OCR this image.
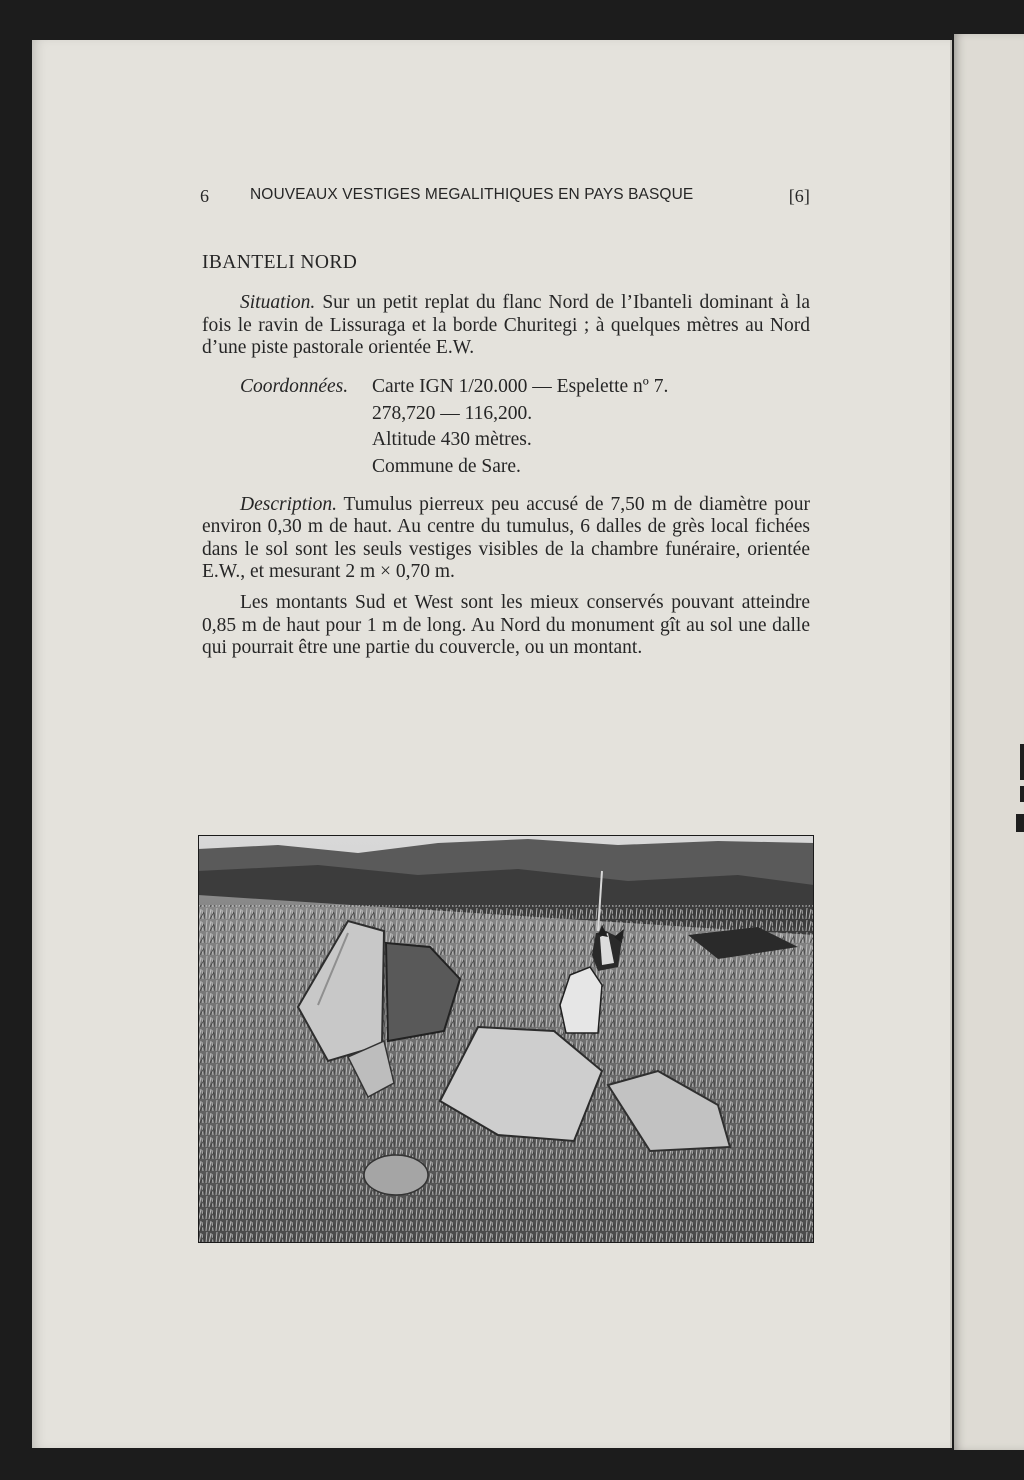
6	NOUVEAUX VESTIGES MEGALITHIQUES EN PAYS BASQUE	[6]
IBANTELI NORD

Situation. Sur un petit replat du flanc Nord de l’Ibanteli dominant à la fois le ravin de Lissuraga et la borde Churitegi ; à quelques mètres au Nord d’une piste pastorale orientée E.W.

Coordonnées.	Carte IGN 1/20.000 — Espelette nº 7.
278,720 — 116,200.
Altitude 430 mètres.
Commune de Sare.

Description. Tumulus pierreux peu accusé de 7,50 m de diamètre pour environ 0,30 m de haut. Au centre du tumulus, 6 dalles de grès local fichées dans le sol sont les seuls vestiges visibles de la chambre funéraire, orientée E.W., et mesurant 2 m × 0,70 m.

Les montants Sud et West sont les mieux conservés pouvant atteindre 0,85 m de haut pour 1 m de long. Au Nord du monument gît au sol une dalle qui pourrait être une partie du couvercle, ou un montant.
